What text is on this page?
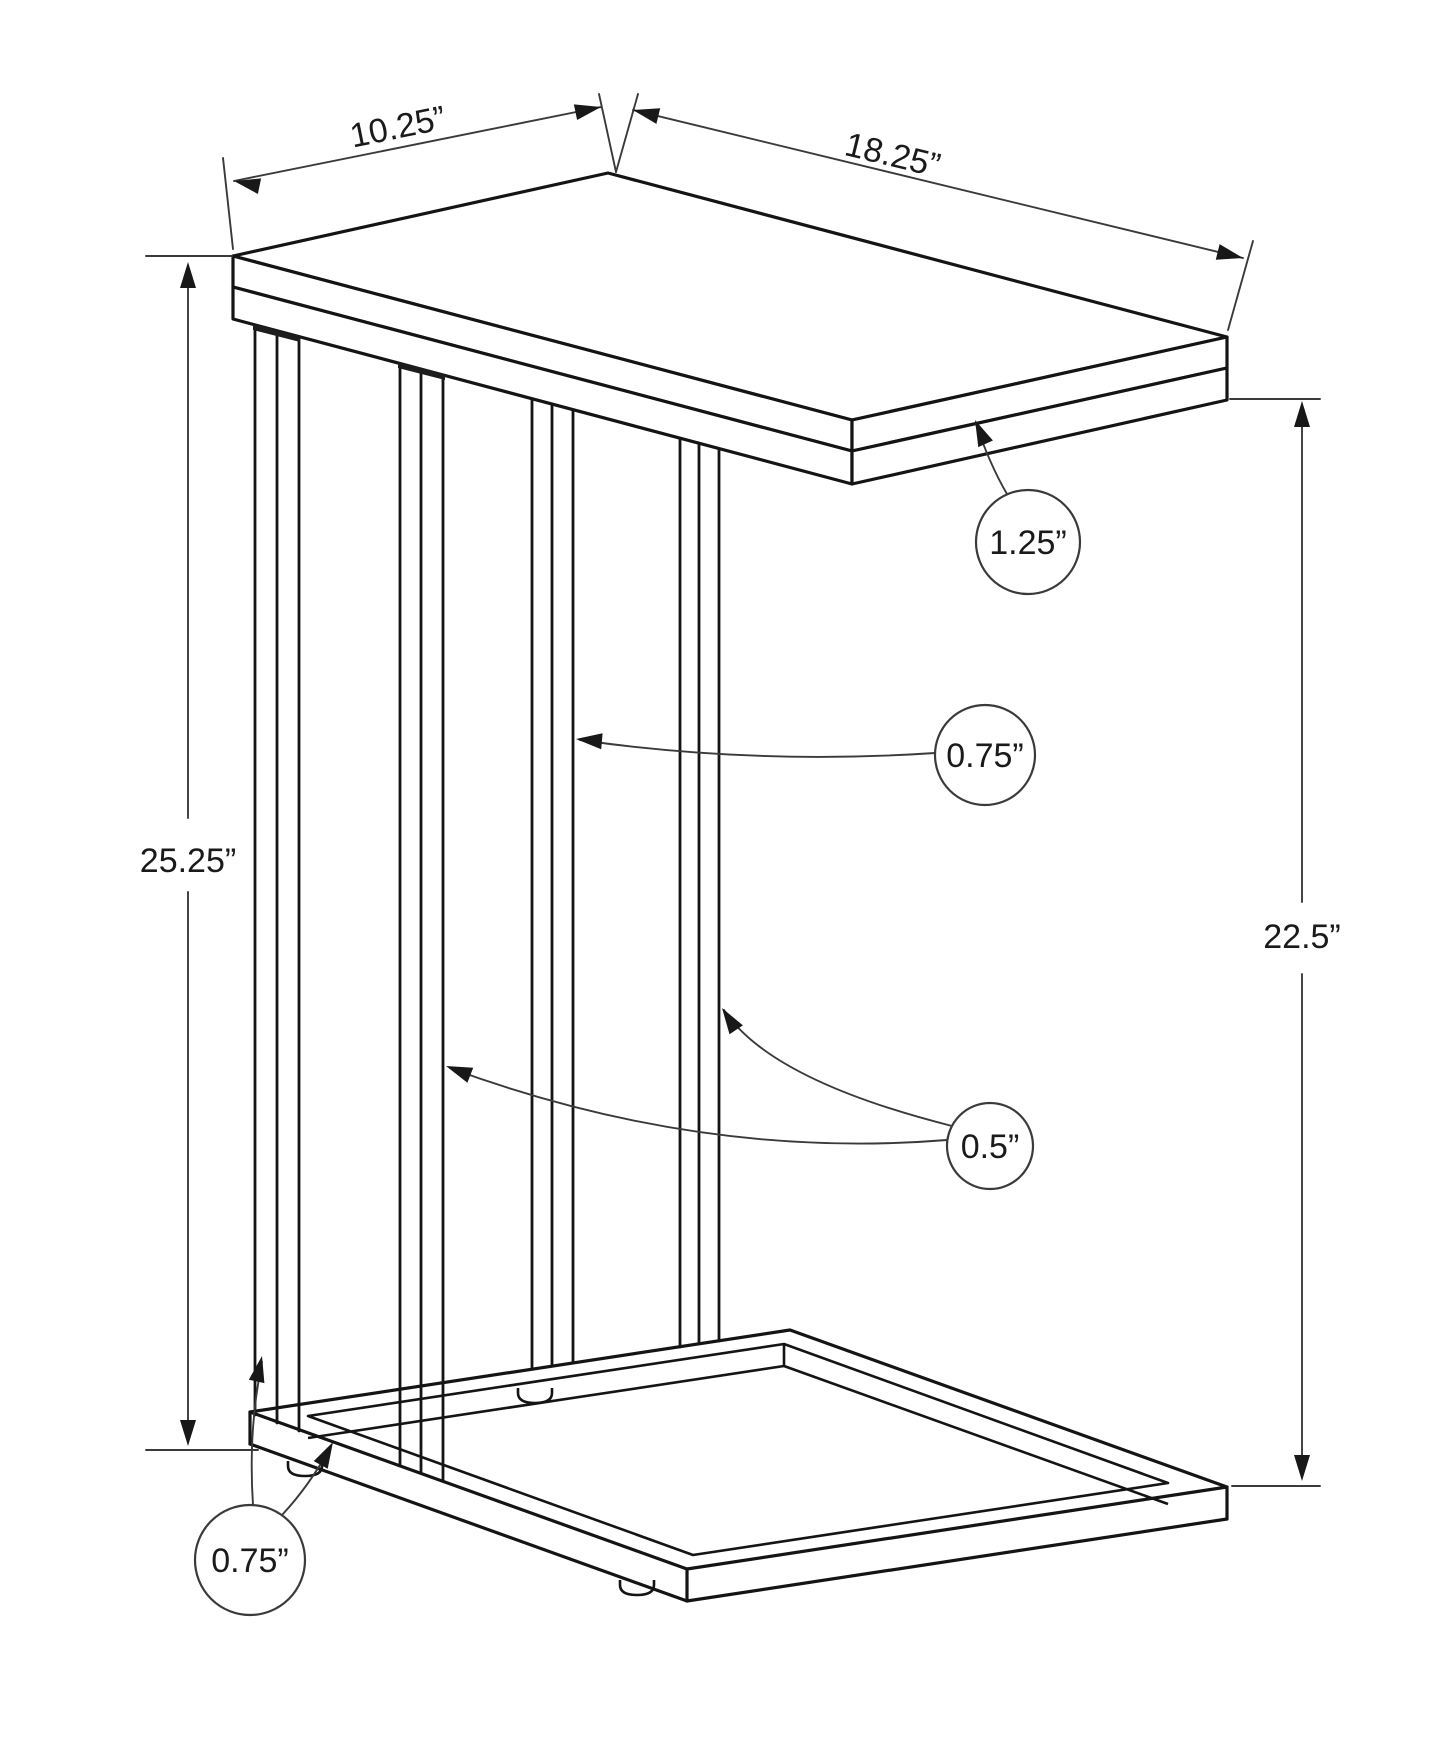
25.25”
22.5”
10.25”	18.25”
1.25”
0.75”
0.5”
0.75”
